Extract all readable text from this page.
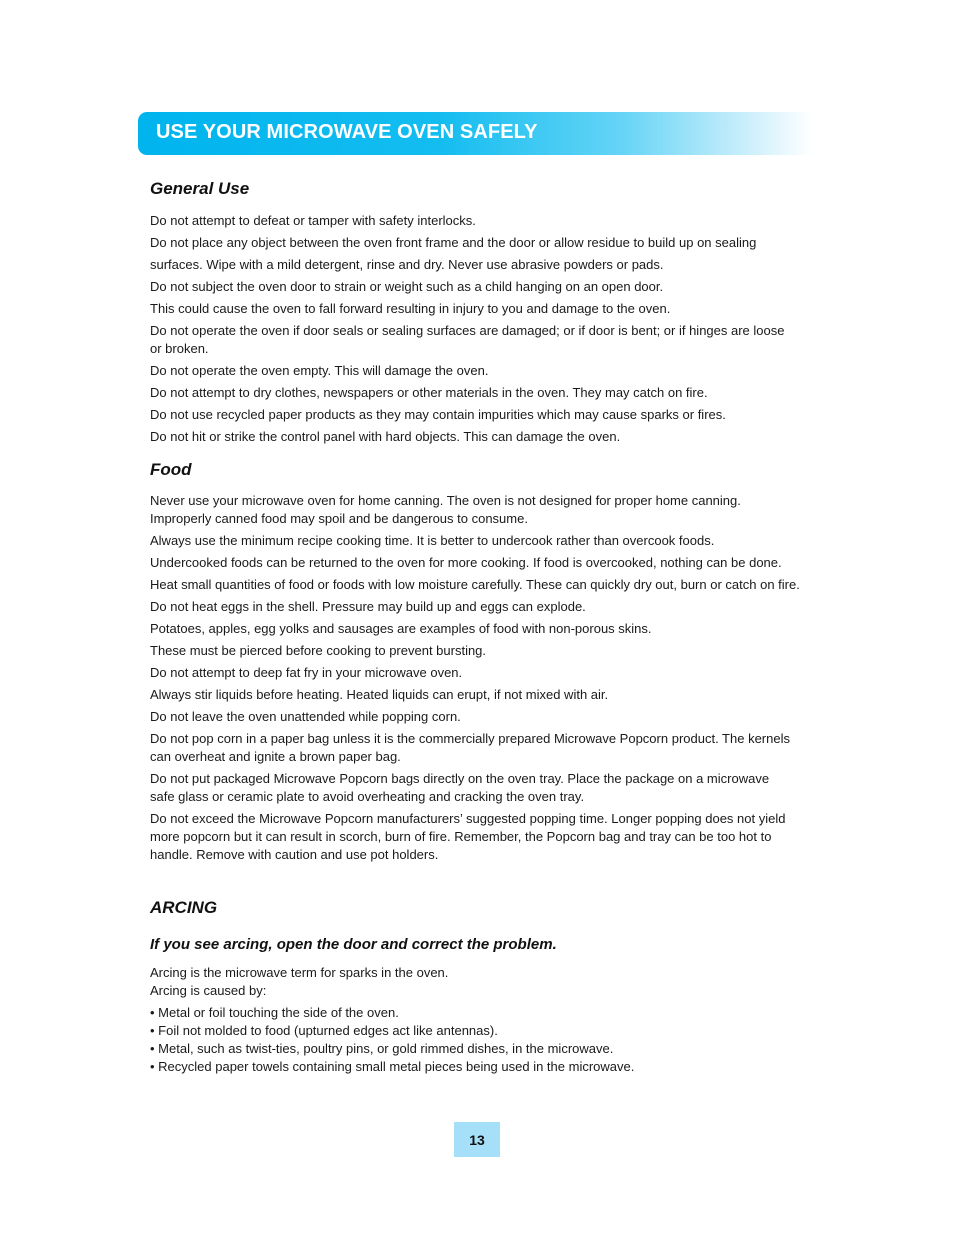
USE YOUR MICROWAVE OVEN SAFELY
General Use

Do not attempt to defeat or tamper with safety interlocks.

Do not place any object between the oven front frame and the door or allow residue to build up on sealing

surfaces. Wipe with a mild detergent, rinse and dry. Never use abrasive powders or pads.

Do not subject the oven door to strain or weight such as a child hanging on an open door.

This could cause the oven to fall forward resulting in injury to you and damage to the oven.

Do not operate the oven if door seals or sealing surfaces are damaged; or if door is bent; or if hinges are loose

or broken.

Do not operate the oven empty. This will damage the oven.

Do not attempt to dry clothes, newspapers or other materials in the oven. They may catch on fire.

Do not use recycled paper products as they may contain impurities which may cause sparks or fires.

Do not hit or strike the control panel with hard objects. This can damage the oven.

Food

Never use your microwave oven for home canning. The oven is not designed for proper home canning.

Improperly canned food may spoil and be dangerous to consume.

Always use the minimum recipe cooking time. It is better to undercook rather than overcook foods.

Undercooked foods can be returned to the oven for more cooking. If food is overcooked, nothing can be done.

Heat small quantities of food or foods with low moisture carefully. These can quickly dry out, burn or catch on fire.

Do not heat eggs in the shell. Pressure may build up and eggs can explode.

Potatoes, apples, egg yolks and sausages are examples of food with non-porous skins.

These must be pierced before cooking to prevent bursting.

Do not attempt to deep fat fry in your microwave oven.

Always stir liquids before heating. Heated liquids can erupt, if not mixed with air.

Do not leave the oven unattended while popping corn.

Do not pop corn in a paper bag unless it is the commercially prepared Microwave Popcorn product. The kernels

can overheat and ignite a brown paper bag.

Do not put packaged Microwave Popcorn bags directly on the oven tray. Place the package on a microwave

safe glass or ceramic plate to avoid overheating and cracking the oven tray.

Do not exceed the Microwave Popcorn manufacturers’ suggested popping time. Longer popping does not yield

more popcorn but it can result in scorch, burn of fire. Remember, the Popcorn bag and tray can be too hot to

handle. Remove with caution and use pot holders.

ARCING
If you see arcing, open the door and correct the problem.

Arcing is the microwave term for sparks in the oven.

Arcing is caused by:

• Metal or foil touching the side of the oven.
• Foil not molded to food (upturned edges act like antennas).
• Metal, such as twist-ties, poultry pins, or gold rimmed dishes, in the microwave.
• Recycled paper towels containing small metal pieces being used in the microwave.
13
